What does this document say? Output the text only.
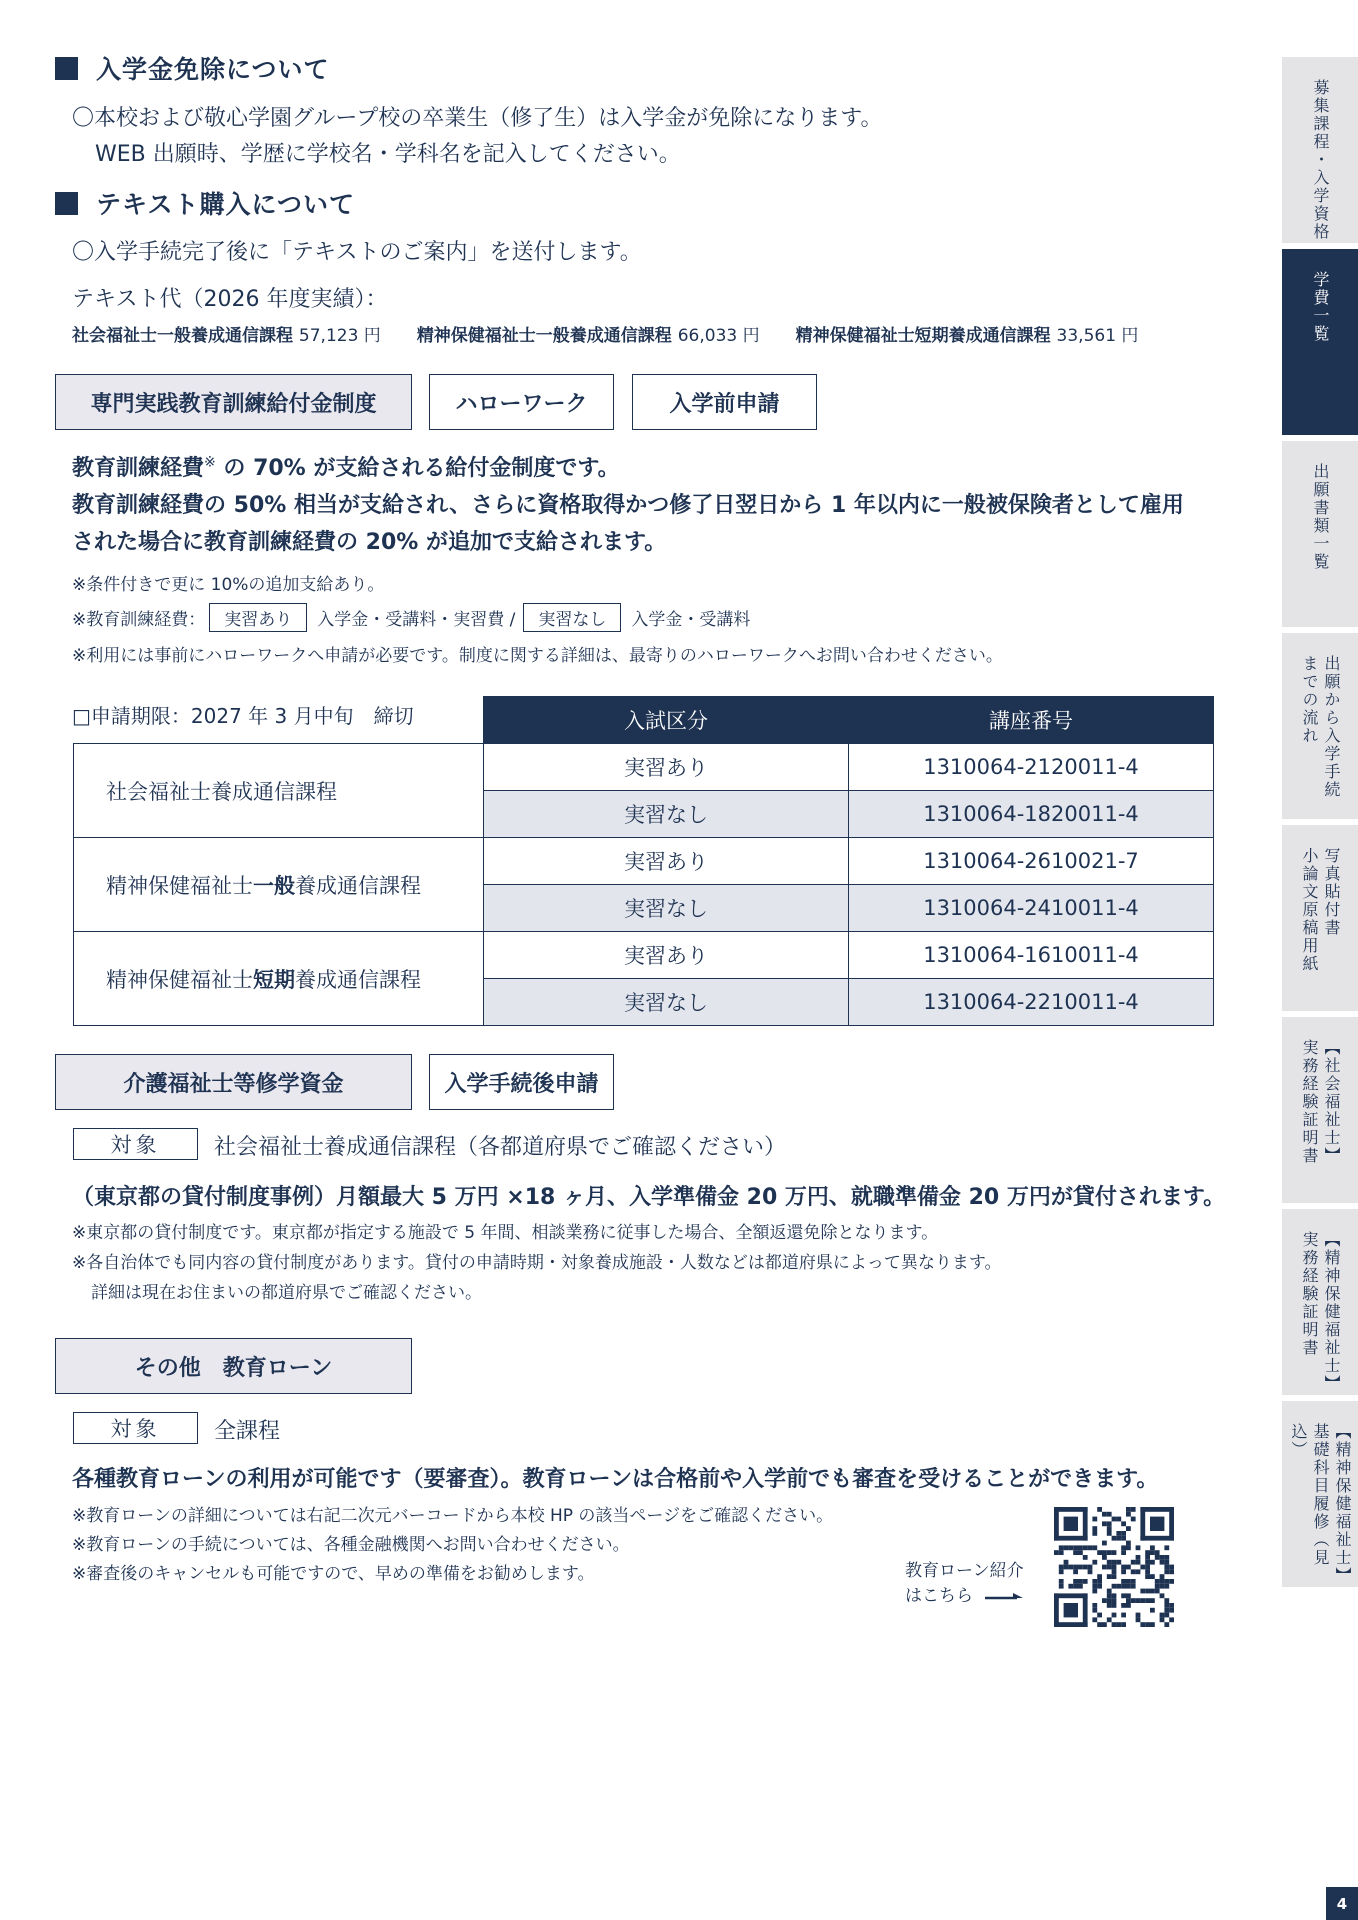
入学金免除について
〇本校および敬心学園グループ校の卒業生（修了生）は入学金が免除になります。
WEB 出願時、学歴に学校名・学科名を記入してください。
テキスト購入について
〇入学手続完了後に「テキストのご案内」を送付します。
テキスト代（2026 年度実績）：
社会福祉士一般養成通信課程 57,123 円 精神保健福祉士一般養成通信課程 66,033 円 精神保健福祉士短期養成通信課程 33,561 円
専門実践教育訓練給付金制度	ハローワーク	入学前申請
教育訓練経費※ の 70% が支給される給付金制度です。
教育訓練経費の 50% 相当が支給され、さらに資格取得かつ修了日翌日から 1 年以内に一般被保険者として雇用
された場合に教育訓練経費の 20% が追加で支給されます。
※条件付きで更に 10%の追加支給あり。
※教育訓練経費：	実習あり	入学金・受講料・実習費 /	実習なし	入学金・受講料
※利用には事前にハローワークへ申請が必要です。制度に関する詳細は、最寄りのハローワークへお問い合わせください。
□申請期限：2027 年 3 月中旬　締切
		入試区分	講座番号
社会福祉士養成通信課程	実習あり	1310064-2120011-4
	実習なし	1310064-1820011-4
精神保健福祉士一般養成通信課程	実習あり	1310064-2610021-7
	実習なし	1310064-2410011-4
精神保健福祉士短期養成通信課程	実習あり	1310064-1610011-4
	実習なし	1310064-2210011-4
介護福祉士等修学資金	入学手続後申請
対象	社会福祉士養成通信課程（各都道府県でご確認ください）
（東京都の貸付制度事例）月額最大 5 万円 ×18 ヶ月、入学準備金 20 万円、就職準備金 20 万円が貸付されます。
※東京都の貸付制度です。東京都が指定する施設で 5 年間、相談業務に従事した場合、全額返還免除となります。
※各自治体でも同内容の貸付制度があります。貸付の申請時期・対象養成施設・人数などは都道府県によって異なります。
詳細は現在お住まいの都道府県でご確認ください。
その他　教育ローン
対象	全課程
各種教育ローンの利用が可能です（要審査）。教育ローンは合格前や入学前でも審査を受けることができます。
※教育ローンの詳細については右記二次元バーコードから本校 HP の該当ページをご確認ください。
※教育ローンの手続については、各種金融機関へお問い合わせください。
※審査後のキャンセルも可能ですので、早めの準備をお勧めします。	教育ローン紹介
はこちら
募集課程・入学資格
学費一覧
出願書類一覧
出願から入学手続
までの流れ
写真貼付書
小論文原稿用紙
【社会福祉士】
実務経験証明書
【精神保健福祉士】
実務経験証明書
【精神保健福祉士】
基礎科目履修（見込）
4
